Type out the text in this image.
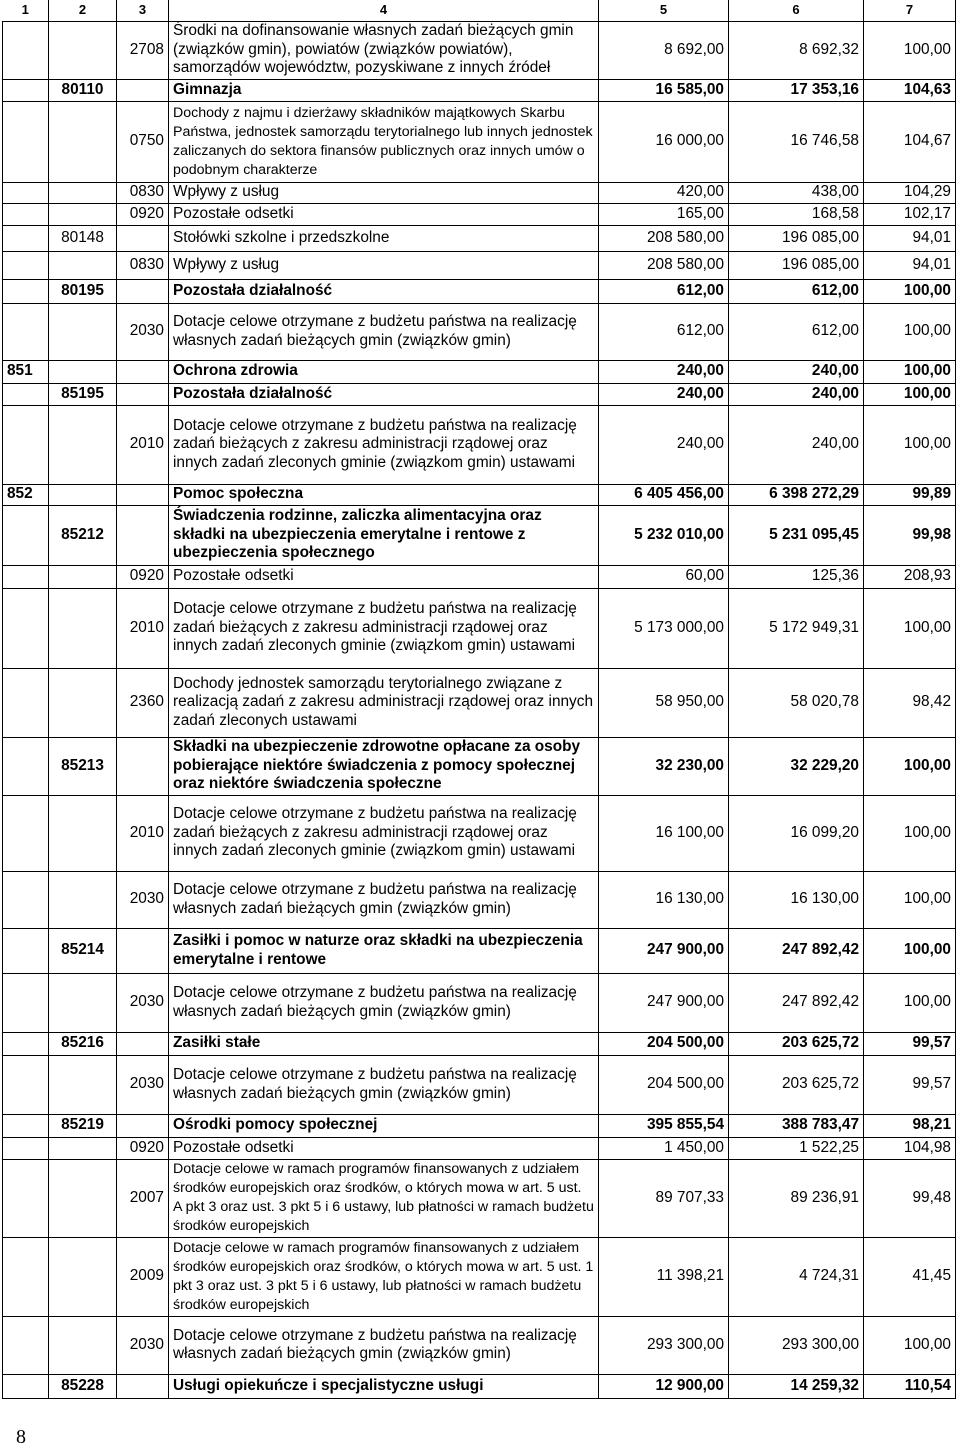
1	2	3	4	5	6	7
		2708	Środki na dofinansowanie własnych zadań bieżących gmin (związków gmin), powiatów (związków powiatów), samorządów województw, pozyskiwane z innych źródeł	8 692,00	8 692,32	100,00
	80110		Gimnazja	16 585,00	17 353,16	104,63
		0750	Dochody z najmu i dzierżawy składników majątkowych Skarbu Państwa, jednostek samorządu terytorialnego lub innych jednostek zaliczanych do sektora finansów publicznych oraz innych umów o podobnym charakterze	16 000,00	16 746,58	104,67
		0830	Wpływy z usług	420,00	438,00	104,29
		0920	Pozostałe odsetki	165,00	168,58	102,17
	80148		Stołówki szkolne i przedszkolne	208 580,00	196 085,00	94,01
		0830	Wpływy z usług	208 580,00	196 085,00	94,01
	80195		Pozostała działalność	612,00	612,00	100,00
		2030	Dotacje celowe otrzymane z budżetu państwa na realizację własnych zadań bieżących gmin (związków gmin)	612,00	612,00	100,00
851			Ochrona zdrowia	240,00	240,00	100,00
	85195		Pozostała działalność	240,00	240,00	100,00
		2010	Dotacje celowe otrzymane z budżetu państwa na realizację zadań bieżących z zakresu administracji rządowej oraz innych zadań zleconych gminie (związkom gmin) ustawami	240,00	240,00	100,00
852			Pomoc społeczna	6 405 456,00	6 398 272,29	99,89
	85212		Świadczenia rodzinne, zaliczka alimentacyjna oraz składki na ubezpieczenia emerytalne i rentowe z ubezpieczenia społecznego	5 232 010,00	5 231 095,45	99,98
		0920	Pozostałe odsetki	60,00	125,36	208,93
		2010	Dotacje celowe otrzymane z budżetu państwa na realizację zadań bieżących z zakresu administracji rządowej oraz innych zadań zleconych gminie (związkom gmin) ustawami	5 173 000,00	5 172 949,31	100,00
		2360	Dochody jednostek samorządu terytorialnego związane z realizacją zadań z zakresu administracji rządowej oraz innych zadań zleconych ustawami	58 950,00	58 020,78	98,42
	85213		Składki na ubezpieczenie zdrowotne opłacane za osoby pobierające niektóre świadczenia z pomocy społecznej oraz niektóre świadczenia społeczne	32 230,00	32 229,20	100,00
		2010	Dotacje celowe otrzymane z budżetu państwa na realizację zadań bieżących z zakresu administracji rządowej oraz innych zadań zleconych gminie (związkom gmin) ustawami	16 100,00	16 099,20	100,00
		2030	Dotacje celowe otrzymane z budżetu państwa na realizację własnych zadań bieżących gmin (związków gmin)	16 130,00	16 130,00	100,00
	85214		Zasiłki i pomoc w naturze oraz składki na ubezpieczenia emerytalne i rentowe	247 900,00	247 892,42	100,00
		2030	Dotacje celowe otrzymane z budżetu państwa na realizację własnych zadań bieżących gmin (związków gmin)	247 900,00	247 892,42	100,00
	85216		Zasiłki stałe	204 500,00	203 625,72	99,57
		2030	Dotacje celowe otrzymane z budżetu państwa na realizację własnych zadań bieżących gmin (związków gmin)	204 500,00	203 625,72	99,57
	85219		Ośrodki pomocy społecznej	395 855,54	388 783,47	98,21
		0920	Pozostałe odsetki	1 450,00	1 522,25	104,98
		2007	Dotacje celowe w ramach programów finansowanych z udziałem środków europejskich oraz środków, o których mowa w art. 5 ust. A pkt 3 oraz ust. 3 pkt 5 i 6 ustawy, lub płatności w ramach budżetu środków europejskich	89 707,33	89 236,91	99,48
		2009	Dotacje celowe w ramach programów finansowanych z udziałem środków europejskich oraz środków, o których mowa w art. 5 ust. 1 pkt 3 oraz ust. 3 pkt 5 i 6 ustawy, lub płatności w ramach budżetu środków europejskich	11 398,21	4 724,31	41,45
		2030	Dotacje celowe otrzymane z budżetu państwa na realizację własnych zadań bieżących gmin (związków gmin)	293 300,00	293 300,00	100,00
	85228		Usługi opiekuńcze i specjalistyczne usługi	12 900,00	14 259,32	110,54
8
